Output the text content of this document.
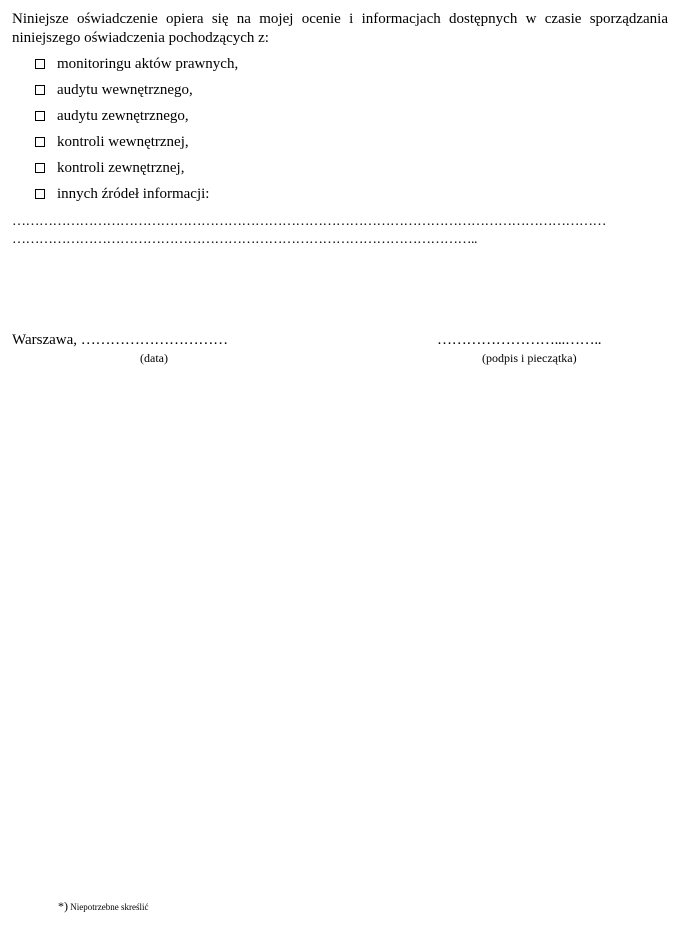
Niniejsze oświadczenie opiera się na mojej ocenie i informacjach dostępnych w czasie sporządzania
niniejszego oświadczenia pochodzących z:

monitoringu aktów prawnych,
audytu wewnętrznego,
audytu zewnętrznego,
kontroli wewnętrznej,
kontroli zewnętrznej,
innych źródeł informacji:
……………………………………………………………………………………………………………………
…………………………………………………………………………………………..
Warszawa, …………………………	……………………...……..
(data)	(podpis i pieczątka)
*) Niepotrzebne skreślić
